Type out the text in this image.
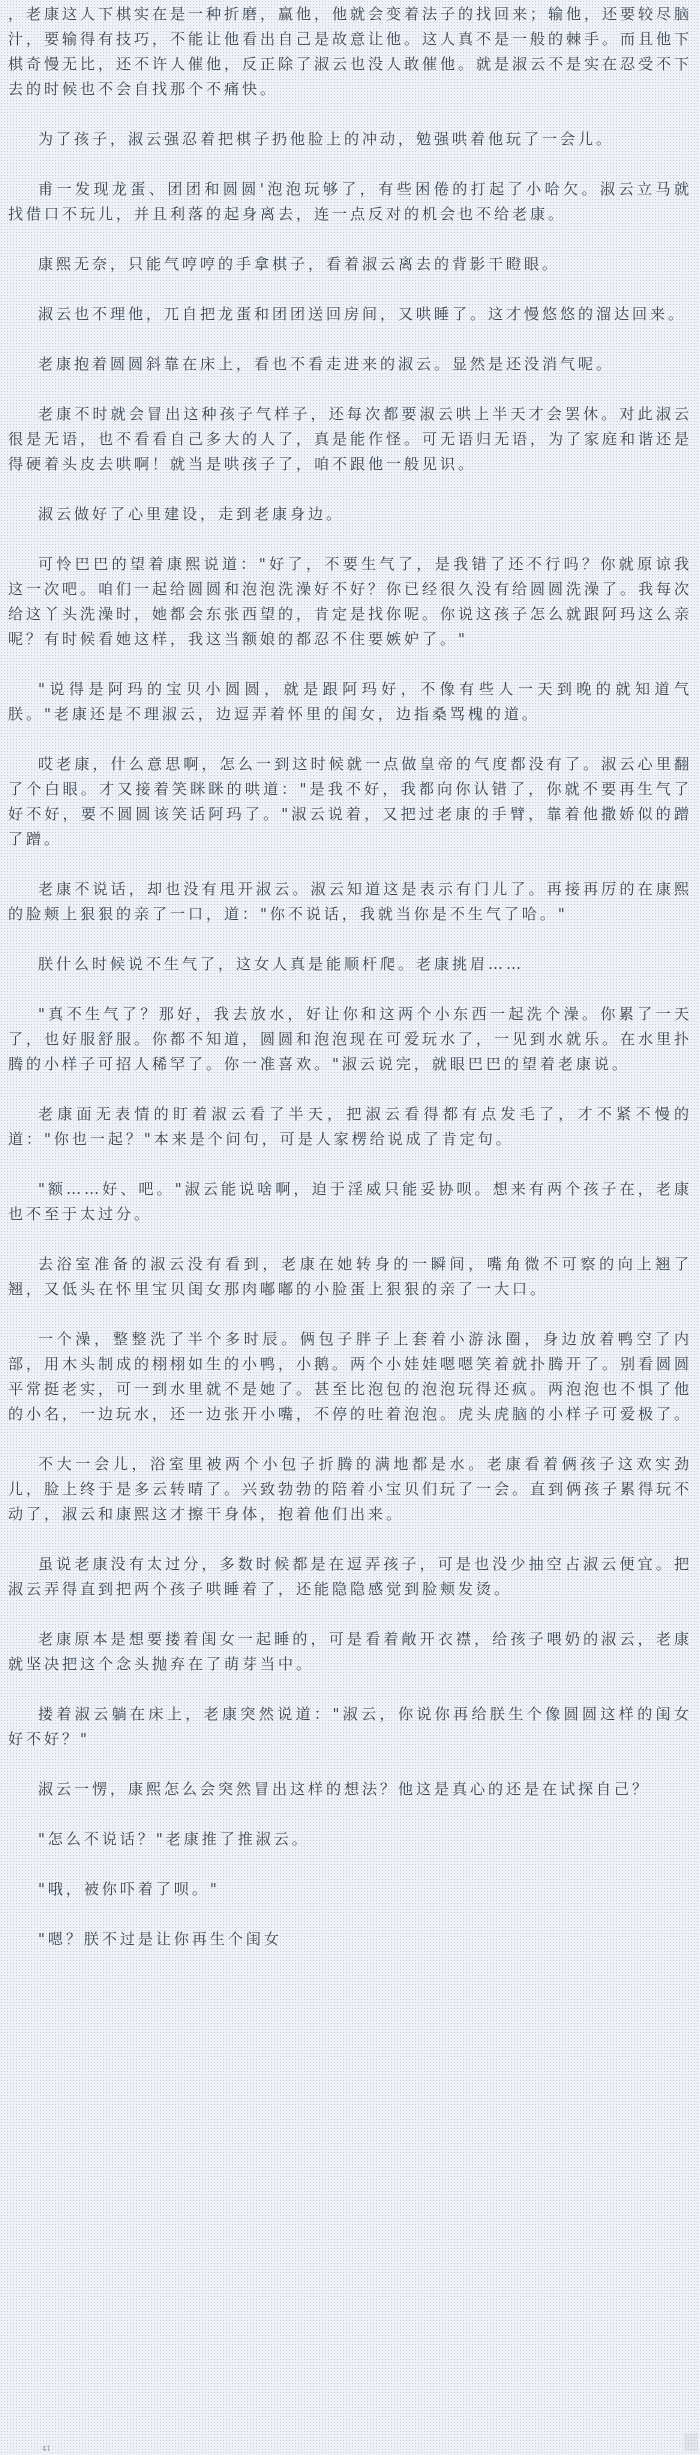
，老康这人下棋实在是一种折磨，赢他，他就会变着法子的找回来；输他，还要较尽脑汁，要输得有技巧，不能让他看出自己是故意让他。这人真不是一般的棘手。而且他下棋奇慢无比，还不许人催他，反正除了淑云也没人敢催他。就是淑云不是实在忍受不下去的时候也不会自找那个不痛快。

为了孩子，淑云强忍着把棋子扔他脸上的冲动，勉强哄着他玩了一会儿。

甫一发现龙蛋、团团和圆圆'泡泡玩够了，有些困倦的打起了小哈欠。淑云立马就找借口不玩儿，并且利落的起身离去，连一点反对的机会也不给老康。

康熙无奈，只能气哼哼的手拿棋子，看着淑云离去的背影干瞪眼。

淑云也不理他，兀自把龙蛋和团团送回房间，又哄睡了。这才慢悠悠的溜达回来。

老康抱着圆圆斜靠在床上，看也不看走进来的淑云。显然是还没消气呢。

老康不时就会冒出这种孩子气样子，还每次都要淑云哄上半天才会罢休。对此淑云很是无语，也不看看自己多大的人了，真是能作怪。可无语归无语，为了家庭和谐还是得硬着头皮去哄啊！就当是哄孩子了，咱不跟他一般见识。

淑云做好了心里建设，走到老康身边。

可怜巴巴的望着康熙说道："好了，不要生气了，是我错了还不行吗？你就原谅我这一次吧。咱们一起给圆圆和泡泡洗澡好不好？你已经很久没有给圆圆洗澡了。我每次给这丫头洗澡时，她都会东张西望的，肯定是找你呢。你说这孩子怎么就跟阿玛这么亲呢？有时候看她这样，我这当额娘的都忍不住要嫉妒了。"

"说得是阿玛的宝贝小圆圆，就是跟阿玛好，不像有些人一天到晚的就知道气朕。"老康还是不理淑云，边逗弄着怀里的闺女，边指桑骂槐的道。

哎老康，什么意思啊，怎么一到这时候就一点做皇帝的气度都没有了。淑云心里翻了个白眼。才又接着笑眯眯的哄道："是我不好，我都向你认错了，你就不要再生气了好不好，要不圆圆该笑话阿玛了。"淑云说着，又把过老康的手臂，靠着他撒娇似的蹭了蹭。

老康不说话，却也没有甩开淑云。淑云知道这是表示有门儿了。再接再厉的在康熙的脸颊上狠狠的亲了一口，道："你不说话，我就当你是不生气了哈。"

朕什么时候说不生气了，这女人真是能顺杆爬。老康挑眉……

"真不生气了？那好，我去放水，好让你和这两个小东西一起洗个澡。你累了一天了，也好服舒服。你都不知道，圆圆和泡泡现在可爱玩水了，一见到水就乐。在水里扑腾的小样子可招人稀罕了。你一准喜欢。"淑云说完，就眼巴巴的望着老康说。

老康面无表情的盯着淑云看了半天，把淑云看得都有点发毛了，才不紧不慢的道："你也一起？"本来是个问句，可是人家楞给说成了肯定句。

"额……好、吧。"淑云能说啥啊，迫于淫威只能妥协呗。想来有两个孩子在，老康也不至于太过分。

去浴室准备的淑云没有看到，老康在她转身的一瞬间，嘴角微不可察的向上翘了翘，又低头在怀里宝贝闺女那肉嘟嘟的小脸蛋上狠狠的亲了一大口。

一个澡，整整洗了半个多时辰。俩包子胖子上套着小游泳圈，身边放着鸭空了内部，用木头制成的栩栩如生的小鸭，小鹅。两个小娃娃嗯嗯笑着就扑腾开了。别看圆圆平常挺老实，可一到水里就不是她了。甚至比泡包的泡泡玩得还疯。两泡泡也不惧了他的小名，一边玩水，还一边张开小嘴，不停的吐着泡泡。虎头虎脑的小样子可爱极了。

不大一会儿，浴室里被两个小包子折腾的满地都是水。老康看着俩孩子这欢实劲儿，脸上终于是多云转晴了。兴致勃勃的陪着小宝贝们玩了一会。直到俩孩子累得玩不动了，淑云和康熙这才擦干身体，抱着他们出来。

虽说老康没有太过分，多数时候都是在逗弄孩子，可是也没少抽空占淑云便宜。把淑云弄得直到把两个孩子哄睡着了，还能隐隐感觉到脸颊发烫。

老康原本是想要搂着闺女一起睡的，可是看着敞开衣襟，给孩子喂奶的淑云，老康就坚决把这个念头抛弃在了萌芽当中。

搂着淑云躺在床上，老康突然说道："淑云，你说你再给朕生个像圆圆这样的闺女好不好？"

淑云一愣，康熙怎么会突然冒出这样的想法？他这是真心的还是在试探自己？

"怎么不说话？"老康推了推淑云。

"哦，被你吓着了呗。"

"嗯？朕不过是让你再生个闺女

41
